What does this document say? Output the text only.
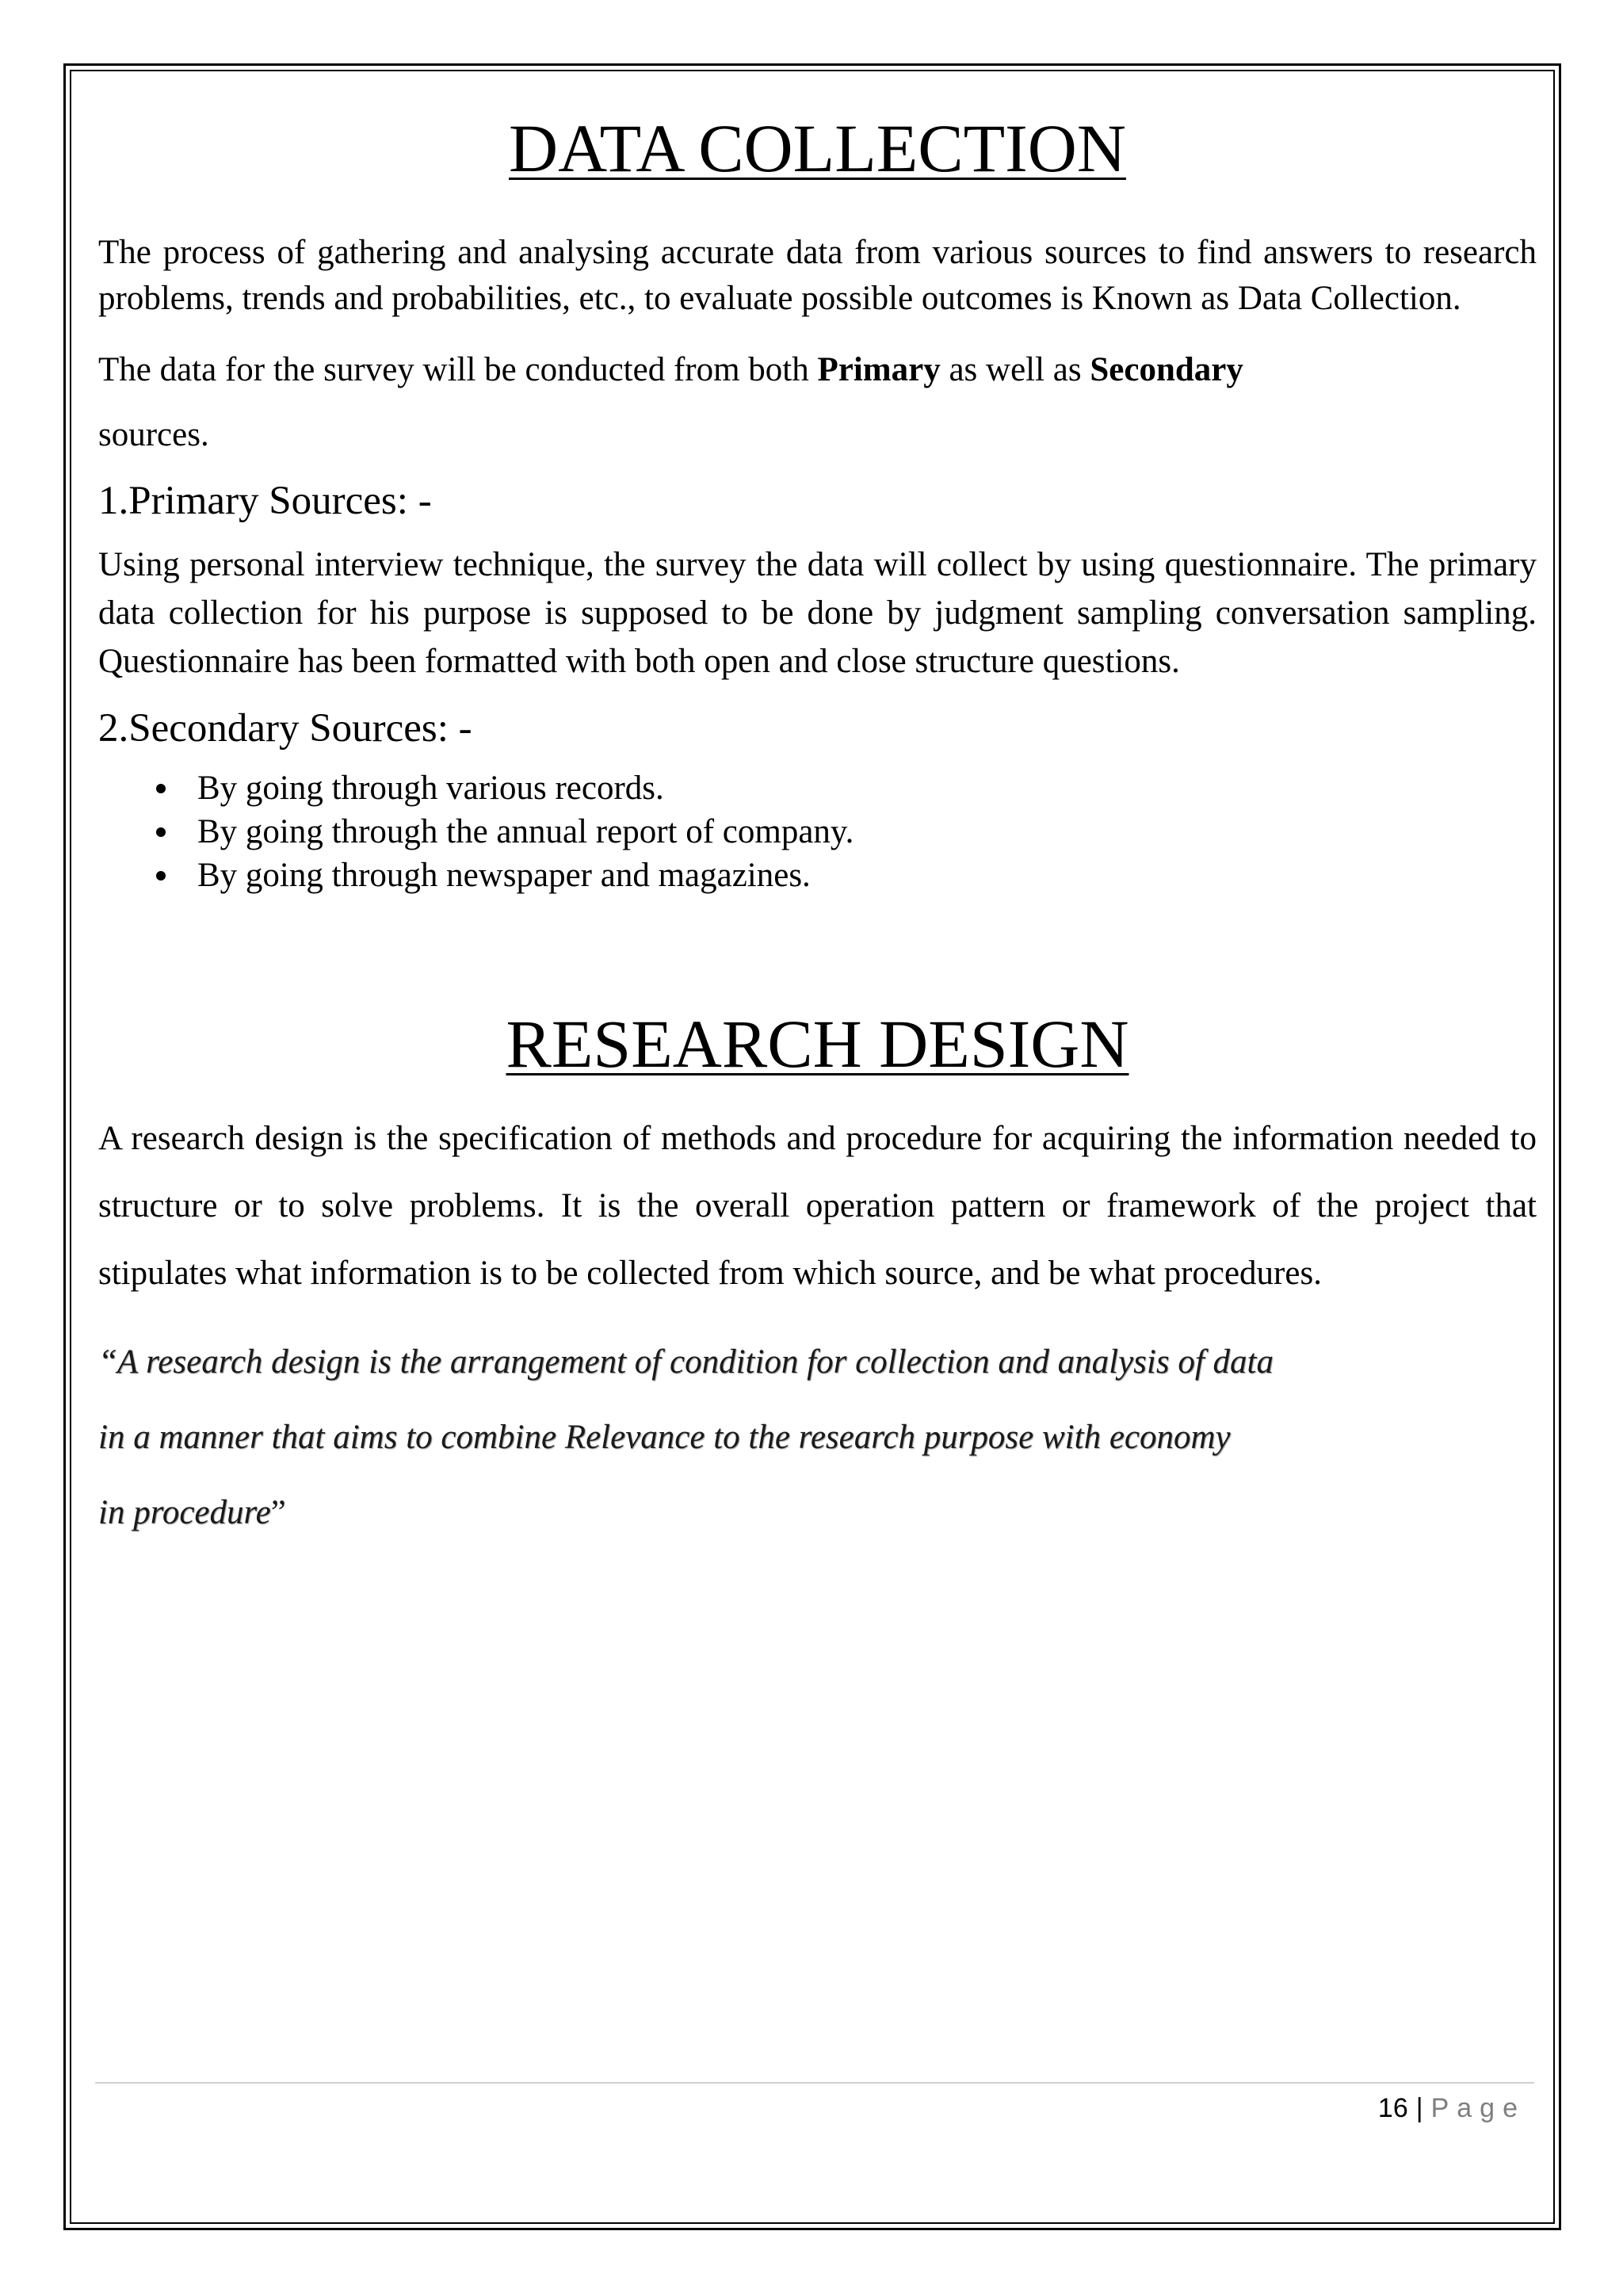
DATA COLLECTION

The process of gathering and analysing accurate data from various sources to find answers to research problems, trends and probabilities, etc., to evaluate possible outcomes is Known as Data Collection.

The data for the survey will be conducted from both Primary as well as Secondary

sources.

1.Primary Sources: -

Using personal interview technique, the survey the data will collect by using questionnaire. The primary data collection for his purpose is supposed to be done by judgment sampling conversation sampling. Questionnaire has been formatted with both open and close structure questions.

2.Secondary Sources: -
By going through various records.
By going through the annual report of company.
By going through newspaper and magazines.
RESEARCH DESIGN

A research design is the specification of methods and procedure for acquiring the information needed to structure or to solve problems. It is the overall operation pattern or framework of the project that stipulates what information is to be collected from which source, and be what procedures.

“A research design is the arrangement of condition for collection and analysis of data

in a manner that aims to combine Relevance to the research purpose with economy

in procedure”

16 | Page
